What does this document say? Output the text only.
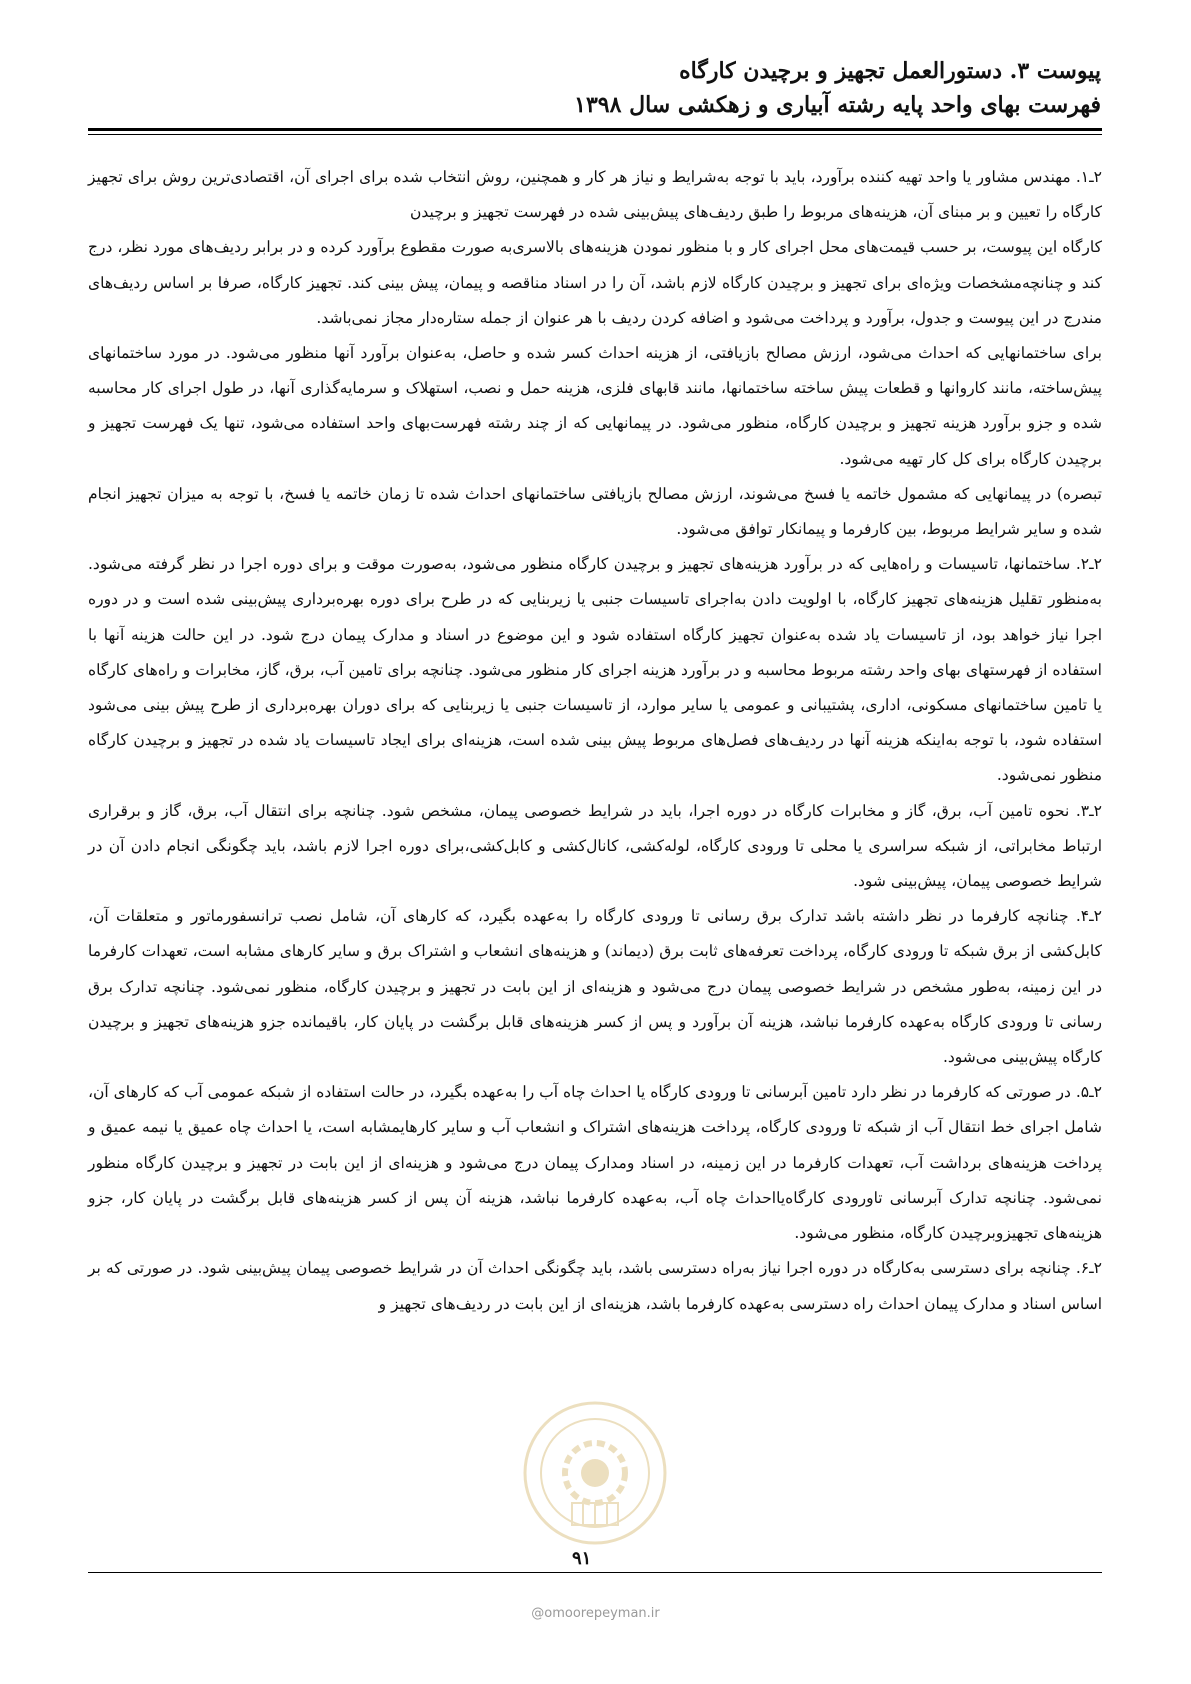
پیوست ۳. دستورالعمل تجهیز و برچیدن کارگاه
فهرست بهای واحد پایه رشته آبیاری و زهکشی سال ۱۳۹۸

۲ـ۱. مهندس مشاور یا واحد تهیه کننده برآورد، باید با توجه به‌شرایط و نیاز هر کار و همچنین، روش انتخاب شده برای اجرای آن، اقتصادی‌ترین روش برای تجهیز کارگاه را تعیین و بر مبنای آن، هزینه‌های مربوط را طبق ردیف‌های پیش‌بینی شده در فهرست تجهیز و برچیدن

کارگاه این پیوست، بر حسب قیمت‌های محل اجرای کار و با منظور نمودن هزینه‌های بالاسری‌به صورت مقطوع برآورد کرده و در برابر ردیف‌های مورد نظر، درج کند و چنانچه‌مشخصات ویژه‌ای برای تجهیز و برچیدن کارگاه لازم باشد، آن را در اسناد مناقصه و پیمان، پیش بینی کند. تجهیز کارگاه، صرفا بر اساس ردیف‌های مندرج در این پیوست و جدول، برآورد و پرداخت می‌شود و اضافه کردن ردیف با هر عنوان از جمله ستاره‌دار مجاز نمی‌باشد.

برای ساختمانهایی که احداث می‌شود، ارزش مصالح بازیافتی، از هزینه احداث کسر شده و حاصل، به‌عنوان برآورد آنها منظور می‌شود. در مورد ساختمانهای پیش‌ساخته، مانند کاروانها و قطعات پیش ساخته ساختمانها، مانند قابهای فلزی، هزینه حمل و نصب، استهلاک و سرمایه‌گذاری آنها، در طول اجرای کار محاسبه شده و جزو برآورد هزینه تجهیز و برچیدن کارگاه، منظور می‌شود. در پیمانهایی که از چند رشته فهرست‌بهای واحد استفاده می‌شود، تنها یک فهرست تجهیز و برچیدن کارگاه برای کل کار تهیه می‌شود.

تبصره) در پیمانهایی که مشمول خاتمه یا فسخ می‌شوند، ارزش مصالح بازیافتی ساختمانهای احداث شده تا زمان خاتمه یا فسخ، با توجه به میزان تجهیز انجام شده و سایر شرایط مربوط، بین کارفرما و پیمانکار توافق می‌شود.

۲ـ۲. ساختمانها، تاسیسات و راه‌هایی که در برآورد هزینه‌های تجهیز و برچیدن کارگاه منظور می‌شود، به‌صورت موقت و برای دوره اجرا در نظر گرفته می‌شود. به‌منظور تقلیل هزینه‌های تجهیز کارگاه، با اولویت دادن به‌اجرای تاسیسات جنبی یا زیربنایی که در طرح برای دوره بهره‌برداری پیش‌بینی شده است و در دوره اجرا نیاز خواهد بود، از تاسیسات یاد شده به‌عنوان تجهیز کارگاه استفاده شود و این موضوع در اسناد و مدارک پیمان درج شود. در این حالت هزینه آنها با استفاده از فهرستهای بهای واحد رشته مربوط محاسبه و در برآورد هزینه اجرای کار منظور می‌شود. چنانچه برای تامین آب، برق، گاز، مخابرات و راه‌های کارگاه یا تامین ساختمانهای مسکونی، اداری، پشتیبانی و عمومی یا سایر موارد، از تاسیسات جنبی یا زیربنایی که برای دوران بهره‌برداری از طرح پیش بینی می‌شود استفاده شود، با توجه به‌اینکه هزینه آنها در ردیف‌های فصل‌های مربوط پیش بینی شده است، هزینه‌ای برای ایجاد تاسیسات یاد شده در تجهیز و برچیدن کارگاه منظور نمی‌شود.

۲ـ۳. نحوه تامین آب، برق، گاز و مخابرات کارگاه در دوره اجرا، باید در شرایط خصوصی پیمان، مشخص شود. چنانچه برای انتقال آب، برق، گاز و برقراری ارتباط مخابراتی، از شبکه سراسری یا محلی تا ورودی کارگاه، لوله‌کشی، کانال‌کشی و کابل‌کشی،برای دوره اجرا لازم باشد، باید چگونگی انجام دادن آن در شرایط خصوصی پیمان، پیش‌بینی شود.

۲ـ۴. چنانچه کارفرما در نظر داشته باشد تدارک برق رسانی تا ورودی کارگاه را به‌عهده بگیرد، که کارهای آن، شامل نصب ترانسفورماتور و متعلقات آن، کابل‌کشی از برق شبکه تا ورودی کارگاه، پرداخت تعرفه‌های ثابت برق (دیماند) و هزینه‌های انشعاب و اشتراک برق و سایر کارهای مشابه است، تعهدات کارفرما در این زمینه، به‌طور مشخص در شرایط خصوصی پیمان درج می‌شود و هزینه‌ای از این بابت در تجهیز و برچیدن کارگاه، منظور نمی‌شود. چنانچه تدارک برق رسانی تا ورودی کارگاه به‌عهده کارفرما نباشد، هزینه آن برآورد و پس از کسر هزینه‌های قابل برگشت در پایان کار، باقیمانده جزو هزینه‌های تجهیز و برچیدن کارگاه پیش‌بینی می‌شود.

۲ـ۵. در صورتی که کارفرما در نظر دارد تامین آبرسانی تا ورودی کارگاه یا احداث چاه آب را به‌عهده بگیرد، در حالت استفاده از شبکه عمومی آب که کارهای آن، شامل اجرای خط انتقال آب از شبکه تا ورودی کارگاه، پرداخت هزینه‌های اشتراک و انشعاب آب و سایر کارهایمشابه است، یا احداث چاه عمیق یا نیمه عمیق و پرداخت هزینه‌های برداشت آب، تعهدات کارفرما در این زمینه، در اسناد ومدارک پیمان درج می‌شود و هزینه‌ای از این بابت در تجهیز و برچیدن کارگاه منظور نمی‌شود. چنانچه تدارک آبرسانی تاورودی کارگاه‌یااحداث چاه آب، به‌عهده کارفرما نباشد، هزینه آن پس از کسر هزینه‌های قابل برگشت در پایان کار، جزو هزینه‌های تجهیزوبرچیدن کارگاه، منظور می‌شود.

۲ـ۶. چنانچه برای دسترسی به‌کارگاه در دوره اجرا نیاز به‌راه دسترسی باشد، باید چگونگی احداث آن در شرایط خصوصی پیمان پیش‌بینی شود. در صورتی که بر اساس اسناد و مدارک پیمان احداث راه دسترسی به‌عهده کارفرما باشد، هزینه‌ای از این بابت در ردیف‌های تجهیز و

۹۱
@omoorepeyman.ir
